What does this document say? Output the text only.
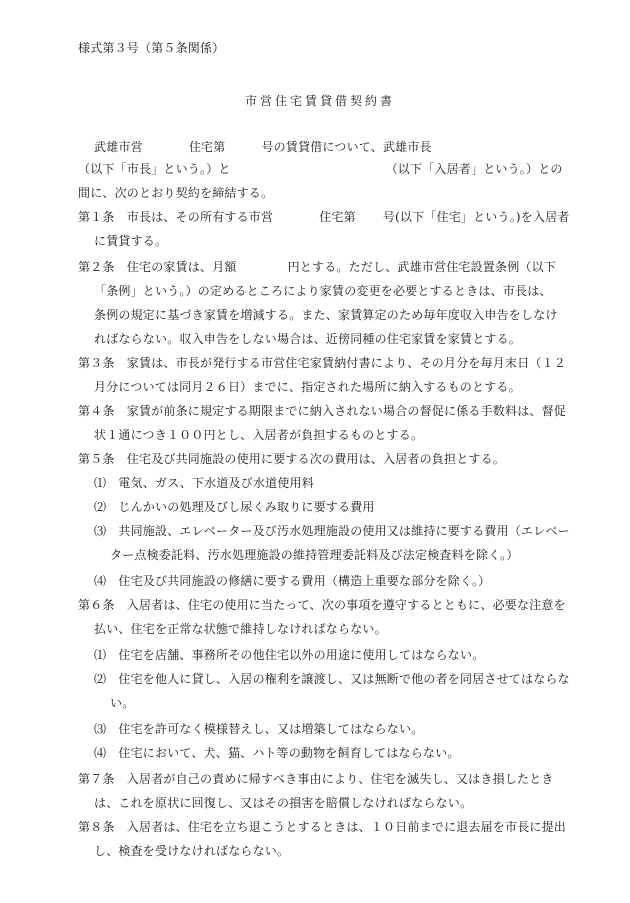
様式第３号（第５条関係）
市営住宅賃貸借契約書
武雄市営	住宅第	号の賃貸借について、武雄市長
（以下「市長」という。）と	（以下「入居者」という。）との
間に、次のとおり契約を締結する。
第１条　市長は、その所有する市営	住宅第 号(以下「住宅」という。)を入居者
に賃貸する。
第２条　住宅の家賃は、月額	円とする。ただし、武雄市営住宅設置条例（以下
「条例」という。）の定めるところにより家賃の変更を必要とするときは、市長は、
条例の規定に基づき家賃を増減する。また、家賃算定のため毎年度収入申告をしなけ
ればならない。収入申告をしない場合は、近傍同種の住宅家賃を家賃とする。
第３条　家賃は、市長が発行する市営住宅家賃納付書により、その月分を毎月末日（１２
月分については同月２６日）までに、指定された場所に納入するものとする。
第４条　家賃が前条に規定する期限までに納入されない場合の督促に係る手数料は、督促
状１通につき１００円とし、入居者が負担するものとする。
第５条　住宅及び共同施設の使用に要する次の費用は、入居者の負担とする。
⑴　電気、ガス、下水道及び水道使用料
⑵　じんかいの処理及びし尿くみ取りに要する費用
⑶　共同施設、エレベーター及び汚水処理施設の使用又は維持に要する費用（エレベー
ター点検委託料、汚水処理施設の維持管理委託料及び法定検査料を除く。）
⑷　住宅及び共同施設の修繕に要する費用（構造上重要な部分を除く。）
第６条　入居者は、住宅の使用に当たって、次の事項を遵守するとともに、必要な注意を
払い、住宅を正常な状態で維持しなければならない。
⑴　住宅を店舗、事務所その他住宅以外の用途に使用してはならない。
⑵　住宅を他人に貸し、入居の権利を譲渡し、又は無断で他の者を同居させてはならな
い。
⑶　住宅を許可なく模様替えし、又は増築してはならない。
⑷　住宅において、犬、猫、ハト等の動物を飼育してはならない。
第７条　入居者が自己の責めに帰すべき事由により、住宅を滅失し、又はき損したとき
は、これを原状に回復し、又はその損害を賠償しなければならない。
第８条　入居者は、住宅を立ち退こうとするときは、１０日前までに退去届を市長に提出
し、検査を受けなければならない。
